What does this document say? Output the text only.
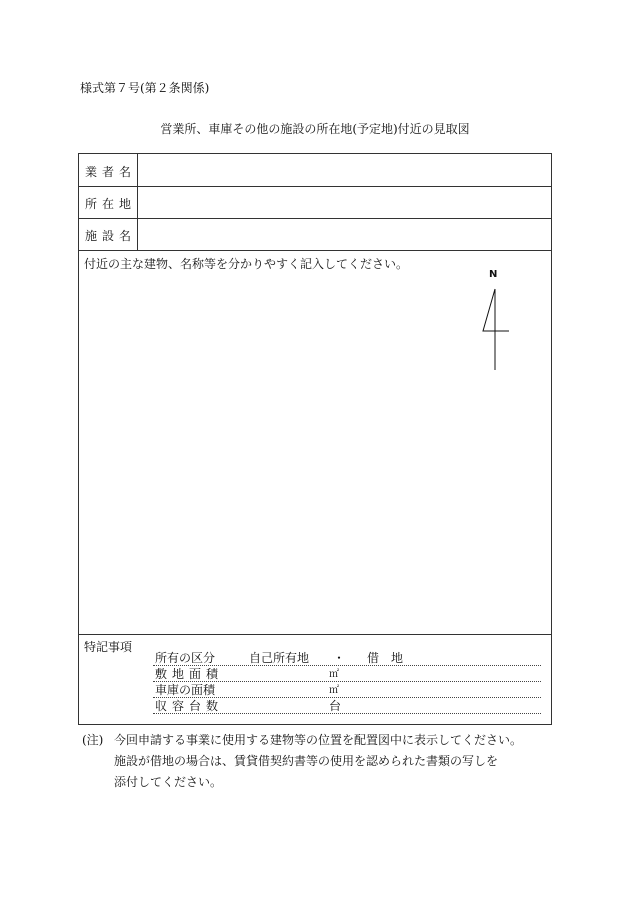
様式第７号(第２条関係)
営業所、車庫その他の施設の所在地(予定地)付近の見取図
業者名
所在地
施設名
付近の主な建物、名称等を分かりやすく記入してください。
N
特記事項
所有の区分	自己所有地 ・ 借　地
敷地面積	㎡
車庫の面積	㎡
収容台数	台
(注) 今回申請する事業に使用する建物等の位置を配置図中に表示してください。
施設が借地の場合は、賃貸借契約書等の使用を認められた書類の写しを
添付してください。
